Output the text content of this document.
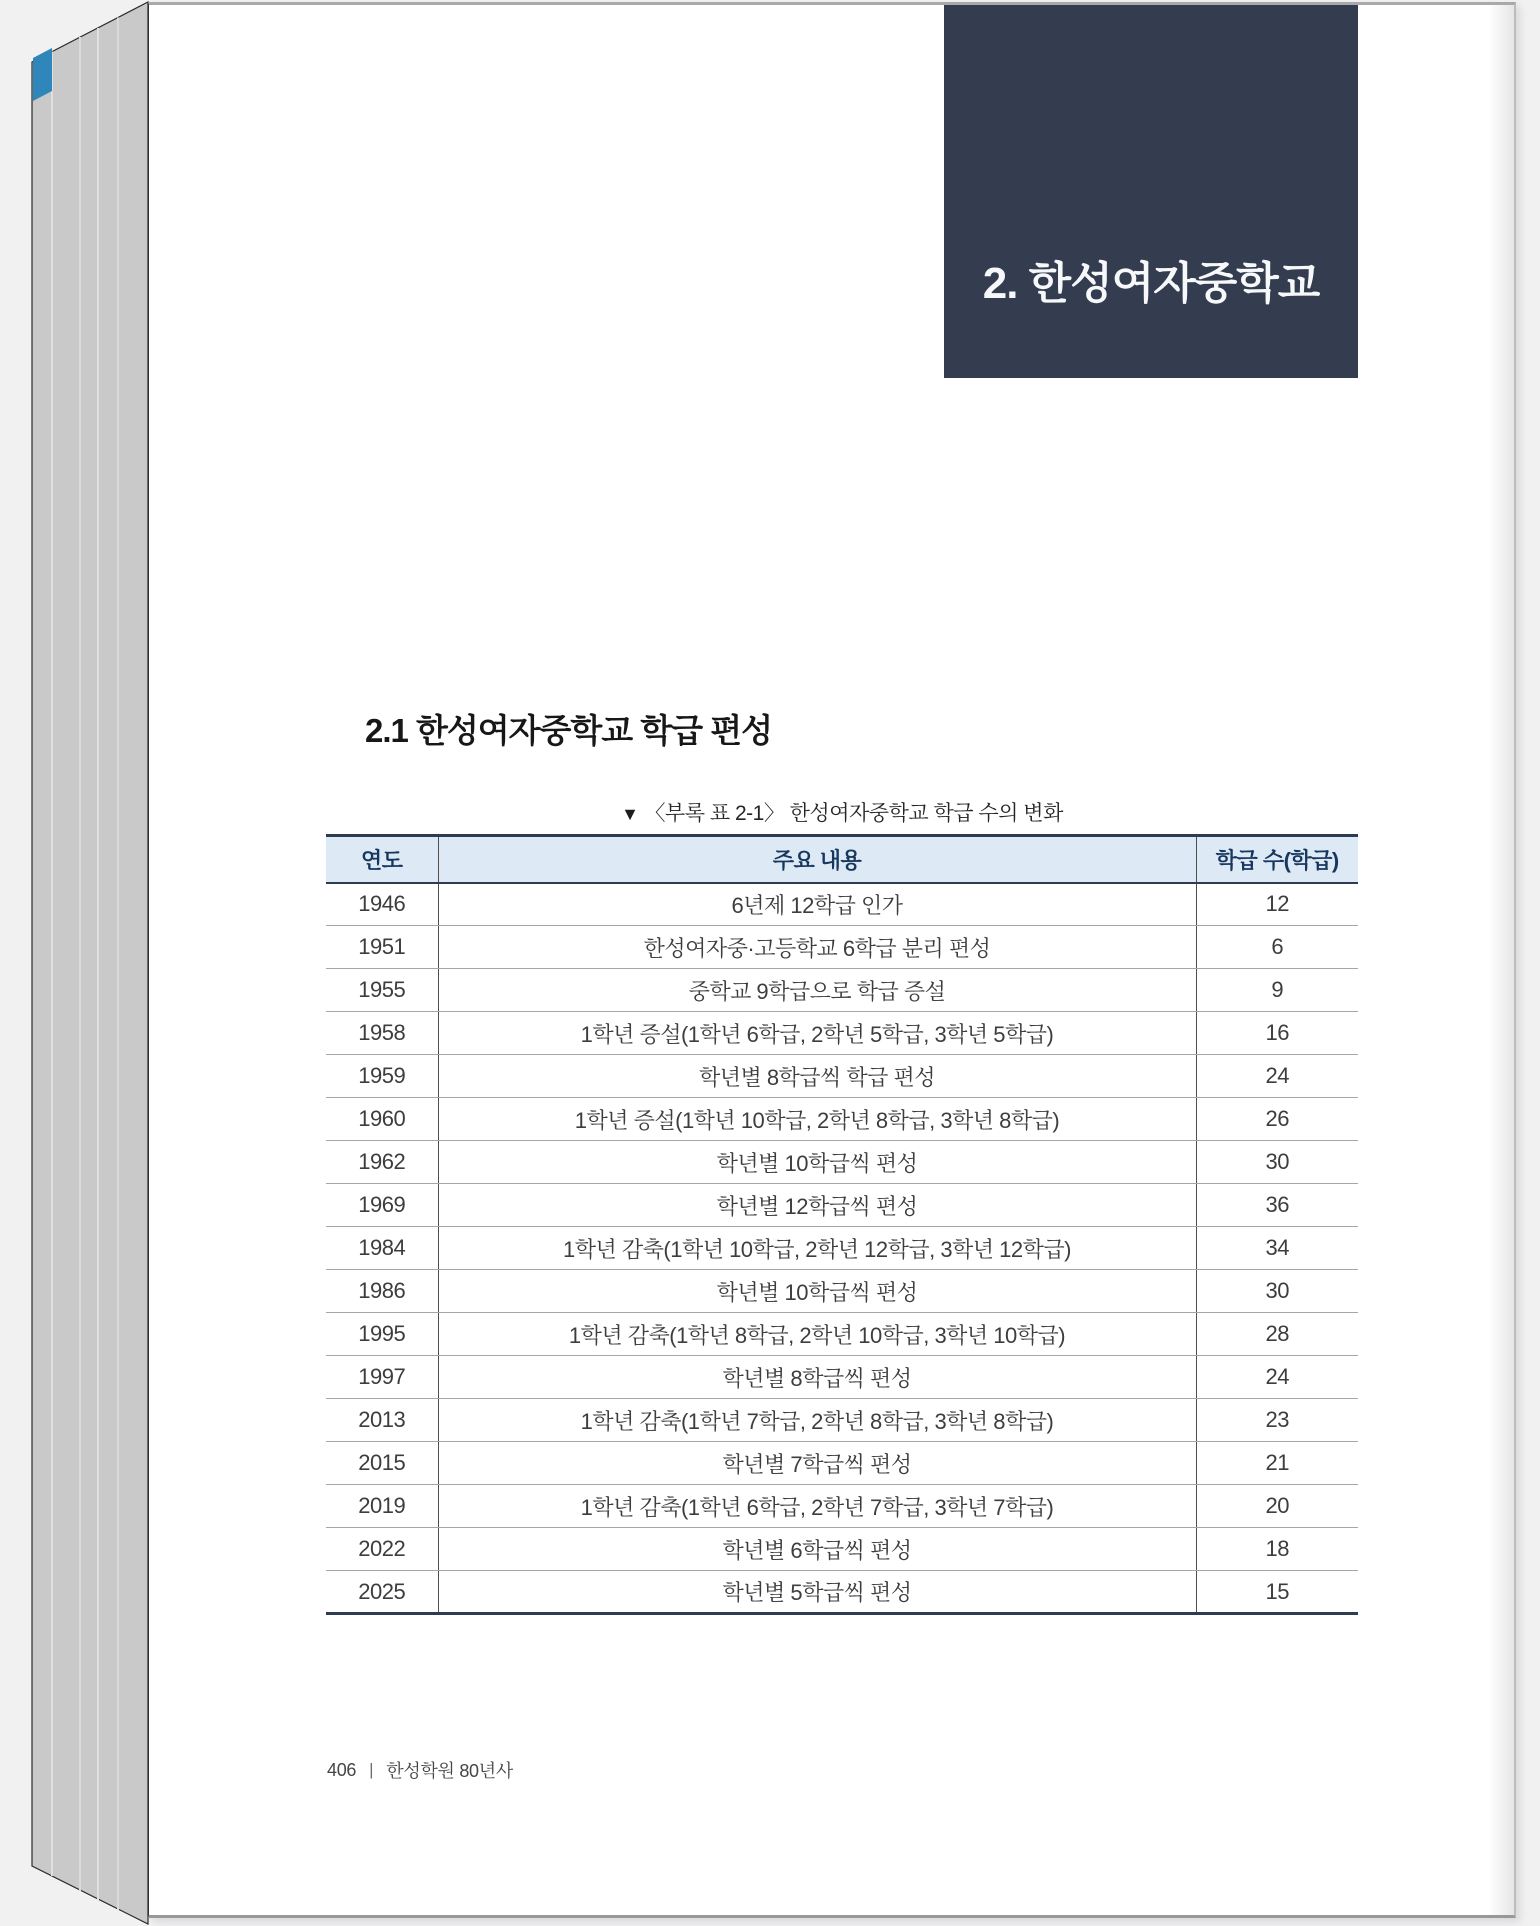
2. 한성여자중학교
2.1 한성여자중학교 학급 편성
▼ 〈부록 표 2-1〉 한성여자중학교 학급 수의 변화
연도	주요 내용	학급 수(학급)
1946	6년제 12학급 인가	12
1951	한성여자중·고등학교 6학급 분리 편성	6
1955	중학교 9학급으로 학급 증설	9
1958	1학년 증설(1학년 6학급, 2학년 5학급, 3학년 5학급)	16
1959	학년별 8학급씩 학급 편성	24
1960	1학년 증설(1학년 10학급, 2학년 8학급, 3학년 8학급)	26
1962	학년별 10학급씩 편성	30
1969	학년별 12학급씩 편성	36
1984	1학년 감축(1학년 10학급, 2학년 12학급, 3학년 12학급)	34
1986	학년별 10학급씩 편성	30
1995	1학년 감축(1학년 8학급, 2학년 10학급, 3학년 10학급)	28
1997	학년별 8학급씩 편성	24
2013	1학년 감축(1학년 7학급, 2학년 8학급, 3학년 8학급)	23
2015	학년별 7학급씩 편성	21
2019	1학년 감축(1학년 6학급, 2학년 7학급, 3학년 7학급)	20
2022	학년별 6학급씩 편성	18
2025	학년별 5학급씩 편성	15
406 | 한성학원 80년사
